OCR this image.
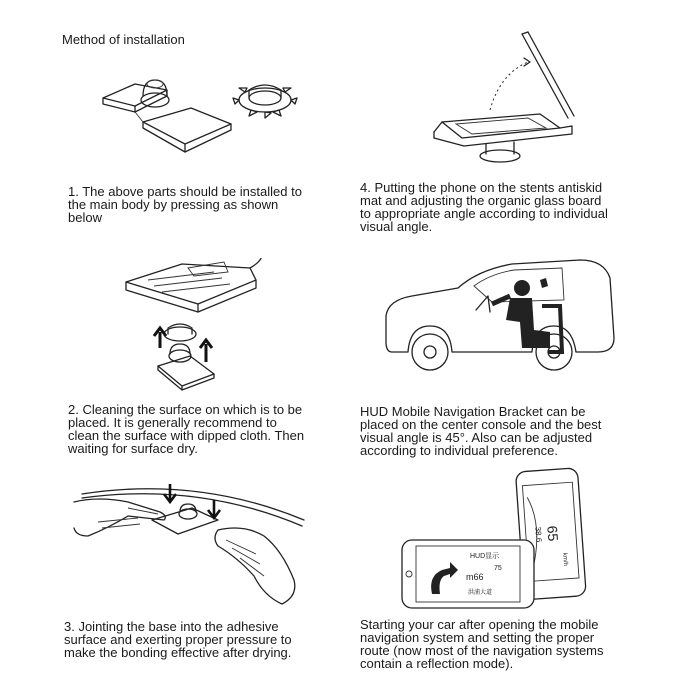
Method of installation
65
38.6
km/h
HUD显示
75
m66
洪浦大道
1. The above parts should be installed to
the main body by pressing as shown
below
2. Cleaning the surface on which is to be
placed. It is generally recommend to
clean the surface with dipped cloth. Then
waiting for surface dry.
3. Jointing the base into the adhesive
surface and exerting proper pressure to
make the bonding effective after drying.
4. Putting the phone on the stents antiskid
mat and adjusting the organic glass board
to appropriate angle according to individual
visual angle.
HUD Mobile Navigation Bracket can be
placed on the center console and the best
visual angle is 45°. Also can be adjusted
according to individual preference.
Starting your car after opening the mobile
navigation system and setting the proper
route (now most of the navigation systems
contain a reflection mode).
